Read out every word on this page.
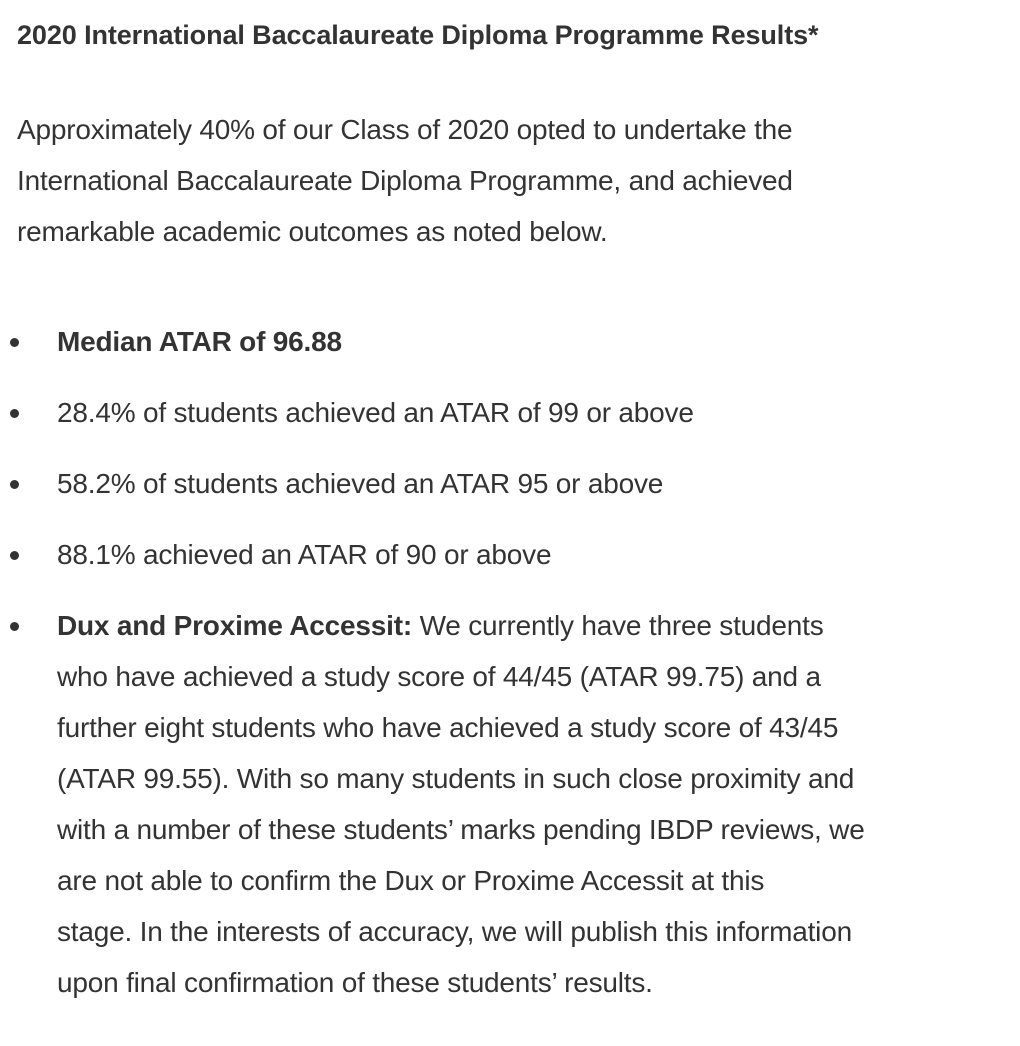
2020 International Baccalaureate Diploma Programme Results*

Approximately 40% of our Class of 2020 opted to undertake the
International Baccalaureate Diploma Programme, and achieved
remarkable academic outcomes as noted below.

Median ATAR of 96.88
28.4% of students achieved an ATAR of 99 or above
58.2% of students achieved an ATAR 95 or above
88.1% achieved an ATAR of 90 or above
Dux and Proxime Accessit: We currently have three students
who have achieved a study score of 44/45 (ATAR 99.75) and a
further eight students who have achieved a study score of 43/45
(ATAR 99.55). With so many students in such close proximity and
with a number of these students’ marks pending IBDP reviews, we
are not able to confirm the Dux or Proxime Accessit at this
stage. In the interests of accuracy, we will publish this information
upon final confirmation of these students’ results.
